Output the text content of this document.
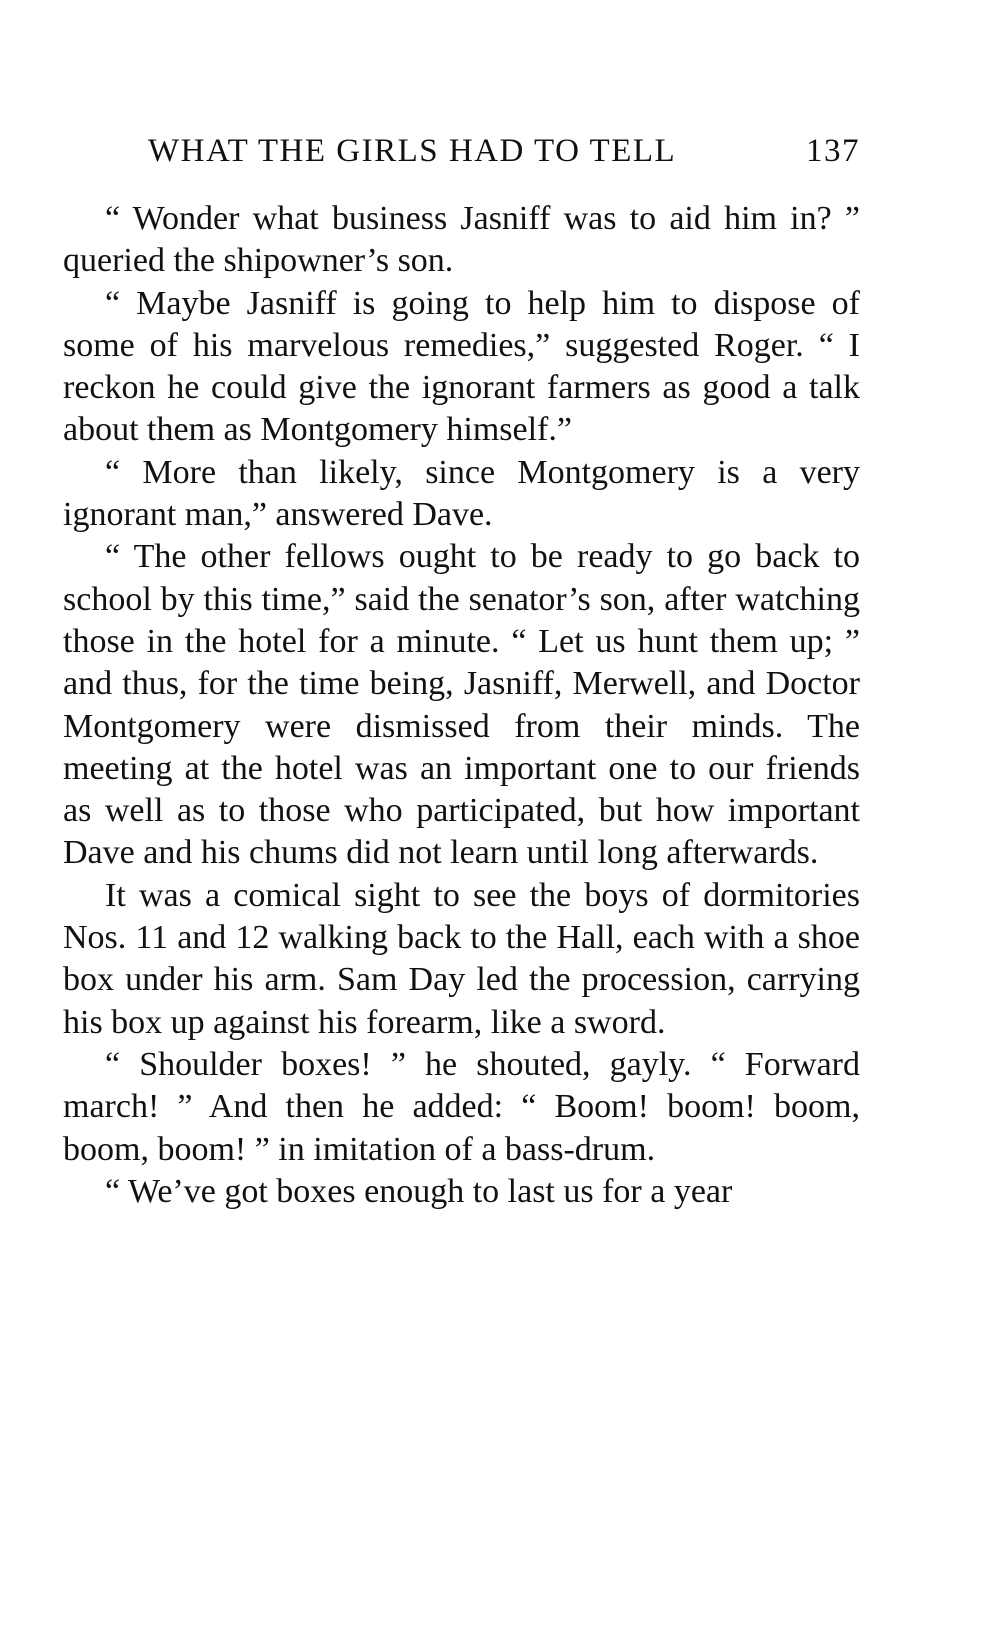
WHAT THE GIRLS HAD TO TELL	137

“ Wonder what business Jasniff was to aid him in? ” queried the shipowner’s son.

“ Maybe Jasniff is going to help him to dispose of some of his marvelous remedies,” suggested Roger. “ I reckon he could give the ignorant farmers as good a talk about them as Montgomery himself.”

“ More than likely, since Montgomery is a very ignorant man,” answered Dave.

“ The other fellows ought to be ready to go back to school by this time,” said the senator’s son, after watching those in the hotel for a minute. “ Let us hunt them up; ” and thus, for the time being, Jasniff, Merwell, and Doctor Montgomery were dismissed from their minds. The meeting at the hotel was an important one to our friends as well as to those who participated, but how important Dave and his chums did not learn until long afterwards.

It was a comical sight to see the boys of dormitories Nos. 11 and 12 walking back to the Hall, each with a shoe box under his arm. Sam Day led the procession, carrying his box up against his forearm, like a sword.

“ Shoulder boxes! ” he shouted, gayly. “ Forward march! ” And then he added: “ Boom! boom! boom, boom, boom! ” in imitation of a bass-drum.

“ We’ve got boxes enough to last us for a year
